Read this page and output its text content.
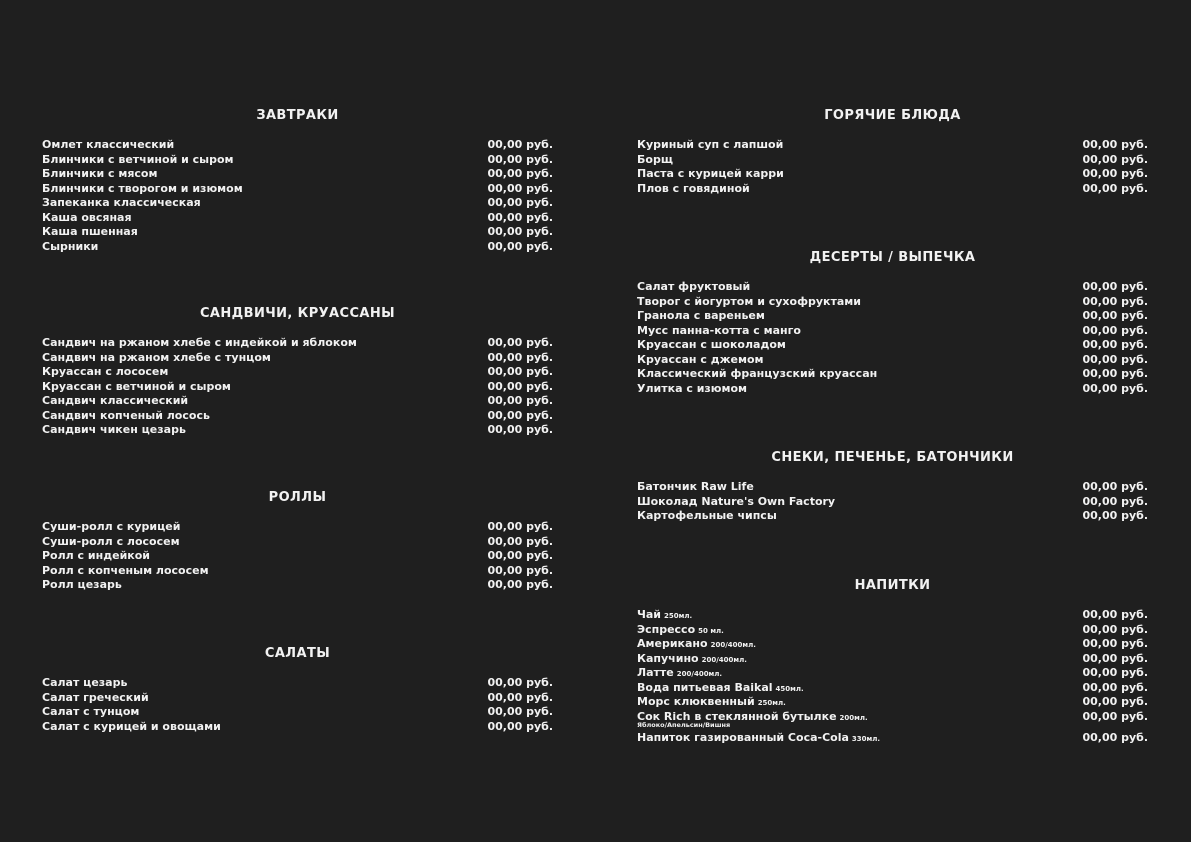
ЗАВТРАКИ
Омлет классический	00,00 руб.
Блинчики с ветчиной и сыром	00,00 руб.
Блинчики с мясом	00,00 руб.
Блинчики с творогом и изюмом	00,00 руб.
Запеканка классическая	00,00 руб.
Каша овсяная	00,00 руб.
Каша пшенная	00,00 руб.
Сырники	00,00 руб.
САНДВИЧИ, КРУАССАНЫ
Сандвич на ржаном хлебе с индейкой и яблоком	00,00 руб.
Сандвич на ржаном хлебе с тунцом	00,00 руб.
Круассан с лососем	00,00 руб.
Круассан с ветчиной и сыром	00,00 руб.
Сандвич классический	00,00 руб.
Сандвич копченый лосось	00,00 руб.
Сандвич чикен цезарь	00,00 руб.
РОЛЛЫ
Суши-ролл с курицей	00,00 руб.
Суши-ролл с лососем	00,00 руб.
Ролл с индейкой	00,00 руб.
Ролл с копченым лососем	00,00 руб.
Ролл цезарь	00,00 руб.
САЛАТЫ
Салат цезарь	00,00 руб.
Салат греческий	00,00 руб.
Салат с тунцом	00,00 руб.
Салат с курицей и овощами	00,00 руб.
ГОРЯЧИЕ БЛЮДА
Куриный суп с лапшой	00,00 руб.
Борщ	00,00 руб.
Паста с курицей карри	00,00 руб.
Плов с говядиной	00,00 руб.
ДЕСЕРТЫ / ВЫПЕЧКА
Салат фруктовый	00,00 руб.
Творог с йогуртом и сухофруктами	00,00 руб.
Гранола с вареньем	00,00 руб.
Мусс панна-котта с манго	00,00 руб.
Круассан с шоколадом	00,00 руб.
Круассан с джемом	00,00 руб.
Классический французский круассан	00,00 руб.
Улитка с изюмом	00,00 руб.
СНЕКИ, ПЕЧЕНЬЕ, БАТОНЧИКИ
Батончик Raw Life	00,00 руб.
Шоколад Nature's Own Factory	00,00 руб.
Картофельные чипсы	00,00 руб.
НАПИТКИ
Чай 250мл.	00,00 руб.
Эспрессо 50 мл.	00,00 руб.
Американо 200/400мл.	00,00 руб.
Капучино 200/400мл.	00,00 руб.
Латте 200/400мл.	00,00 руб.
Вода питьевая Baikal 450мл.	00,00 руб.
Морс клюквенный 250мл.	00,00 руб.
Сок Rich в стеклянной бутылке 200мл.	00,00 руб.
Яблоко/Апельсин/Вишня
Напиток газированный Coca-Cola 330мл.	00,00 руб.
